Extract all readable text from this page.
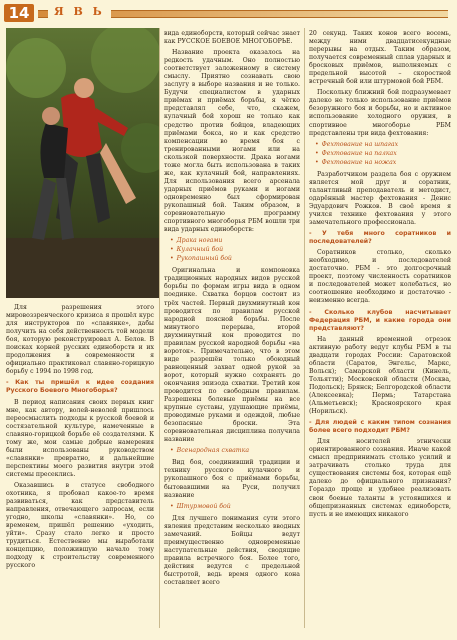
14	Я В Ь

Для разрешения этого мировоззренческого кризиса я прошёл курс для инструкторов по «славянке», дабы получить на себя действенность той модели боя, которую реконструировал А. Белов. В поисках корней русских единоборств и их продолжения в современности я официально практиковал славяно-горицкую борьбу с 1994 по 1998 год.

- Как ты пришёл к идее создания Русского Боевого Многоборья?

В период написания своих первых книг мне, как автору, волей-неволей пришлось переосмыслить подходы к русской боевой и состязательной культуре, намеченные в славяно-горицкой борьбе её создателями. К тому же, мои самые добрые намерения были использованы руководством «славянки» превратно, и дальнейшие перспективы моего развития внутри этой системы пресеклись.

Оказавшись в статусе свободного охотника, я пробовал какое-то время развиваться, как представитель направления, отвечающего запросам, если угодно, школы «славянки». Но, со временем, пришёл решению «уходить, уйти». Сразу стало легко и просто трудиться. Естественно мы выработали концепцию, положившую начало тому подходу к строительству современного русского

вида единоборств, который сейчас знает как РУССКОЕ БОЕВОЕ МНОГОБОРЬЕ.

Название проекта оказалось на редкость удачным. Оно полностью соответствует заложенному в систему смыслу. Приятно сознавать свою заслугу в выборе названия и не только. Будучи специалистом в ударных приёмах и приёмах борьбы, я чётко представлял себе, что, скажем, кулачный бой хорош не только как средство против бойцов, владеющих приёмами бокса, но и как средство компенсации во время боя с тренированными ногами или на скользкой поверхности. Драка ногами тоже могла быть использована в таких же, как кулачный бой, направлениях. Для использования всего арсенала ударных приёмов руками и ногами одновременно был сформирован рукопашный бой. Таким образом, в соревновательную программу спортивного многоборья РБМ вошли три вида ударных единоборств:

• Драка ногами
• Кулачный бой
• Рукопашный бой

Оригинальна и компоновка традиционных народных видов русской борьбы по формам игры вида в одном поединке. Схватка борцов состоит из трёх частей. Первый двухминутный кон проводится по правилам русской народной поясной борьбы. После минутного перерыва, второй двухминутный кон проводится по правилам русской народной борьбы «на вороток». Примечательно, что в этом виде разрешён только обоюдный равноценный захват одной рукой за ворот, который нужно сохранять до окончания эпизода схватки. Третий кон проводится по свободным правилам. Разрешены болевые приёмы на все крупные суставы, удушающие приёмы, проводимые руками и одеждой, любые безопасные броски. Эта соревновательная дисциплина получила название

• Всенародная схватка

Вид боя, соединивший традиции и технику русского кулачного и рукопашного боя с приёмами борьбы, бытовавшими на Руси, получил название

• Штурмовой бой

Для лучшего понимания сути этого явления представим несколько вводных замечаний. Бойцы ведут преимущественно одновременные наступательные действия, сводящие правила встречного боя. Более того, действия ведутся с предельной быстротой, ведь время одного кона составляет всего

20 секунд. Таких конов всего восемь, между ними двадцатисекундные перерывы на отдых. Таким образом, получается современный сплав ударных и бросковых приёмов, выполняемых с предельной высотой – скоростной встречный бой или штурмовой бой РБМ.

Поскольку ближний бой подразумевает далеко не только использование приёмов безоружного боя и борьбы, но и активное использование холодного оружия, в спортивное многоборье РБМ представлены три вида фехтования:

• Фехтование на шпагах
• Фехтование на палках
• Фехтование на ножах

Разработчиком раздела боя с оружием является мой друг и соратник, талантливый преподаватель и методист, одарённый мастер фехтования - Денис Эдуардович Рожков. В своё время я учился технике фехтования у этого замечательного профессионала.

- У тебя много соратников и последователей?

Соратников столько, сколько необходимо, и последователей достаточно. РБМ - это долгосрочный проект, поэтому численность соратников и последователей может колебаться, но соотношение необходимо и достаточно - неизменно всегда.

- Сколько клубов насчитывает Федерация РБМ, и какие города они представляют?

На данный временной отрезок активную работу ведут клубы РБМ в ты двадцати городах России: Саратовской области (Саратов, Энгельс, Маркс, Вольск); Самарской области (Кинель, Тольятти); Московской области (Москва, Подольск); Брянск; Белгородской области (Алексеевка); Пермь; Татарстана (Альметьевск); Красноярского края (Норильск).

- Для людей с каким типом сознания более всего подходит РБМ?

Для носителей этнически ориентированного сознания. Иначе какой смысл предпринимать столько усилий и затрачивать столько труда для существования системы боя, которая ещё далеко до официального признания? Гораздо проще и удобнее реализовать свои боевые таланты в устоявшихся и общепризнанных системах единоборств, пусть и не имеющих никакого
